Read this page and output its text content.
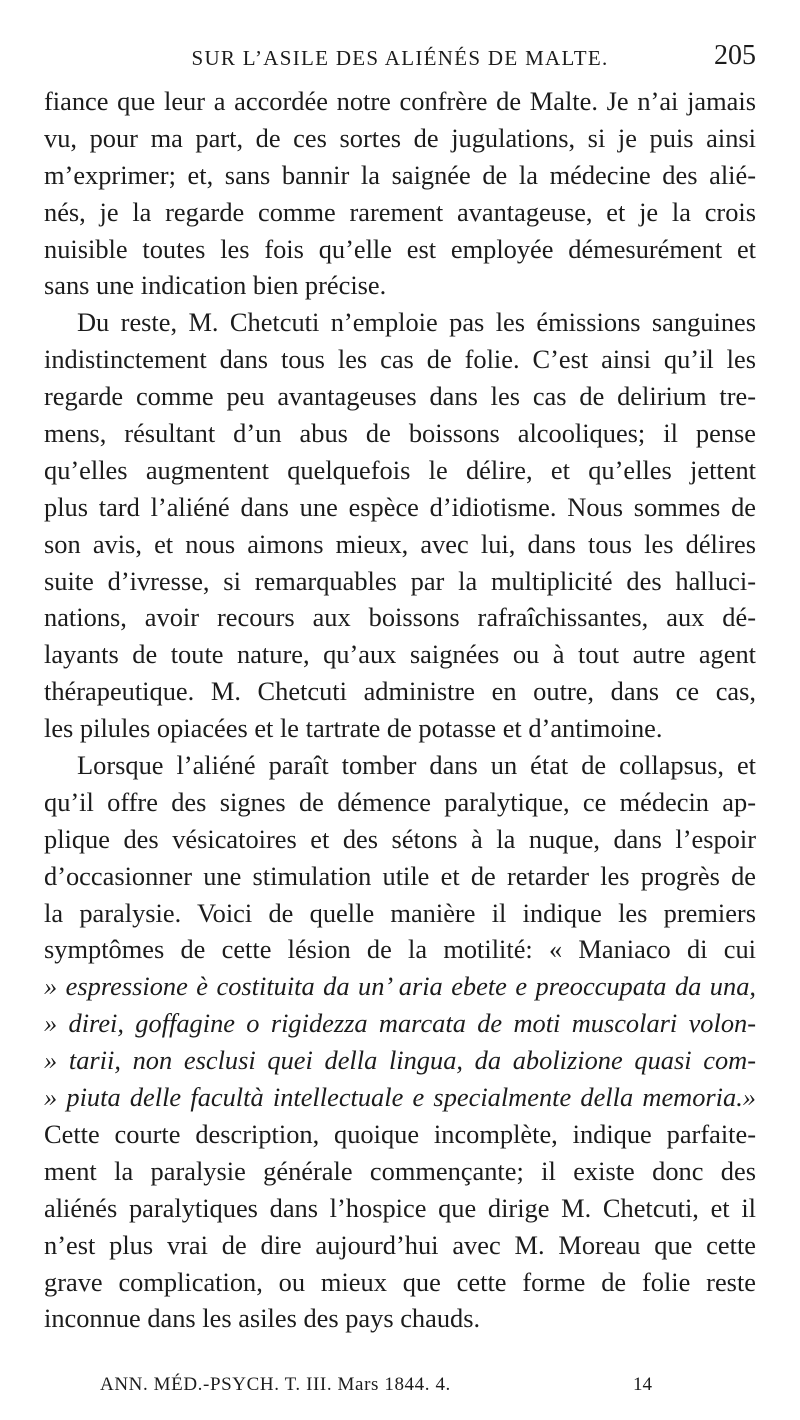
SUR L’ASILE DES ALIÉNÉS DE MALTE.	205
fiance que leur a accordée notre confrère de Malte. Je n’ai jamais
vu, pour ma part, de ces sortes de jugulations, si je puis ainsi
m’exprimer; et, sans bannir la saignée de la médecine des alié-
nés, je la regarde comme rarement avantageuse, et je la crois
nuisible toutes les fois qu’elle est employée démesurément et
sans une indication bien précise.
Du reste, M. Chetcuti n’emploie pas les émissions sanguines
indistinctement dans tous les cas de folie. C’est ainsi qu’il les
regarde comme peu avantageuses dans les cas de delirium tre-
mens, résultant d’un abus de boissons alcooliques; il pense
qu’elles augmentent quelquefois le délire, et qu’elles jettent
plus tard l’aliéné dans une espèce d’idiotisme. Nous sommes de
son avis, et nous aimons mieux, avec lui, dans tous les délires
suite d’ivresse, si remarquables par la multiplicité des halluci-
nations, avoir recours aux boissons rafraîchissantes, aux dé-
layants de toute nature, qu’aux saignées ou à tout autre agent
thérapeutique. M. Chetcuti administre en outre, dans ce cas,
les pilules opiacées et le tartrate de potasse et d’antimoine.
Lorsque l’aliéné paraît tomber dans un état de collapsus, et
qu’il offre des signes de démence paralytique, ce médecin ap-
plique des vésicatoires et des sétons à la nuque, dans l’espoir
d’occasionner une stimulation utile et de retarder les progrès de
la paralysie. Voici de quelle manière il indique les premiers
symptômes de cette lésion de la motilité: « Maniaco di cui
» espressione è costituita da un’ aria ebete e preoccupata da una,
» direi, goffagine o rigidezza marcata de moti muscolari volon-
» tarii, non esclusi quei della lingua, da abolizione quasi com-
» piuta delle facultà intellectuale e specialmente della memoria.»
Cette courte description, quoique incomplète, indique parfaite-
ment la paralysie générale commençante; il existe donc des
aliénés paralytiques dans l’hospice que dirige M. Chetcuti, et il
n’est plus vrai de dire aujourd’hui avec M. Moreau que cette
grave complication, ou mieux que cette forme de folie reste
inconnue dans les asiles des pays chauds.
ANN. MÉD.-PSYCH. T. III. Mars 1844. 4.	14
